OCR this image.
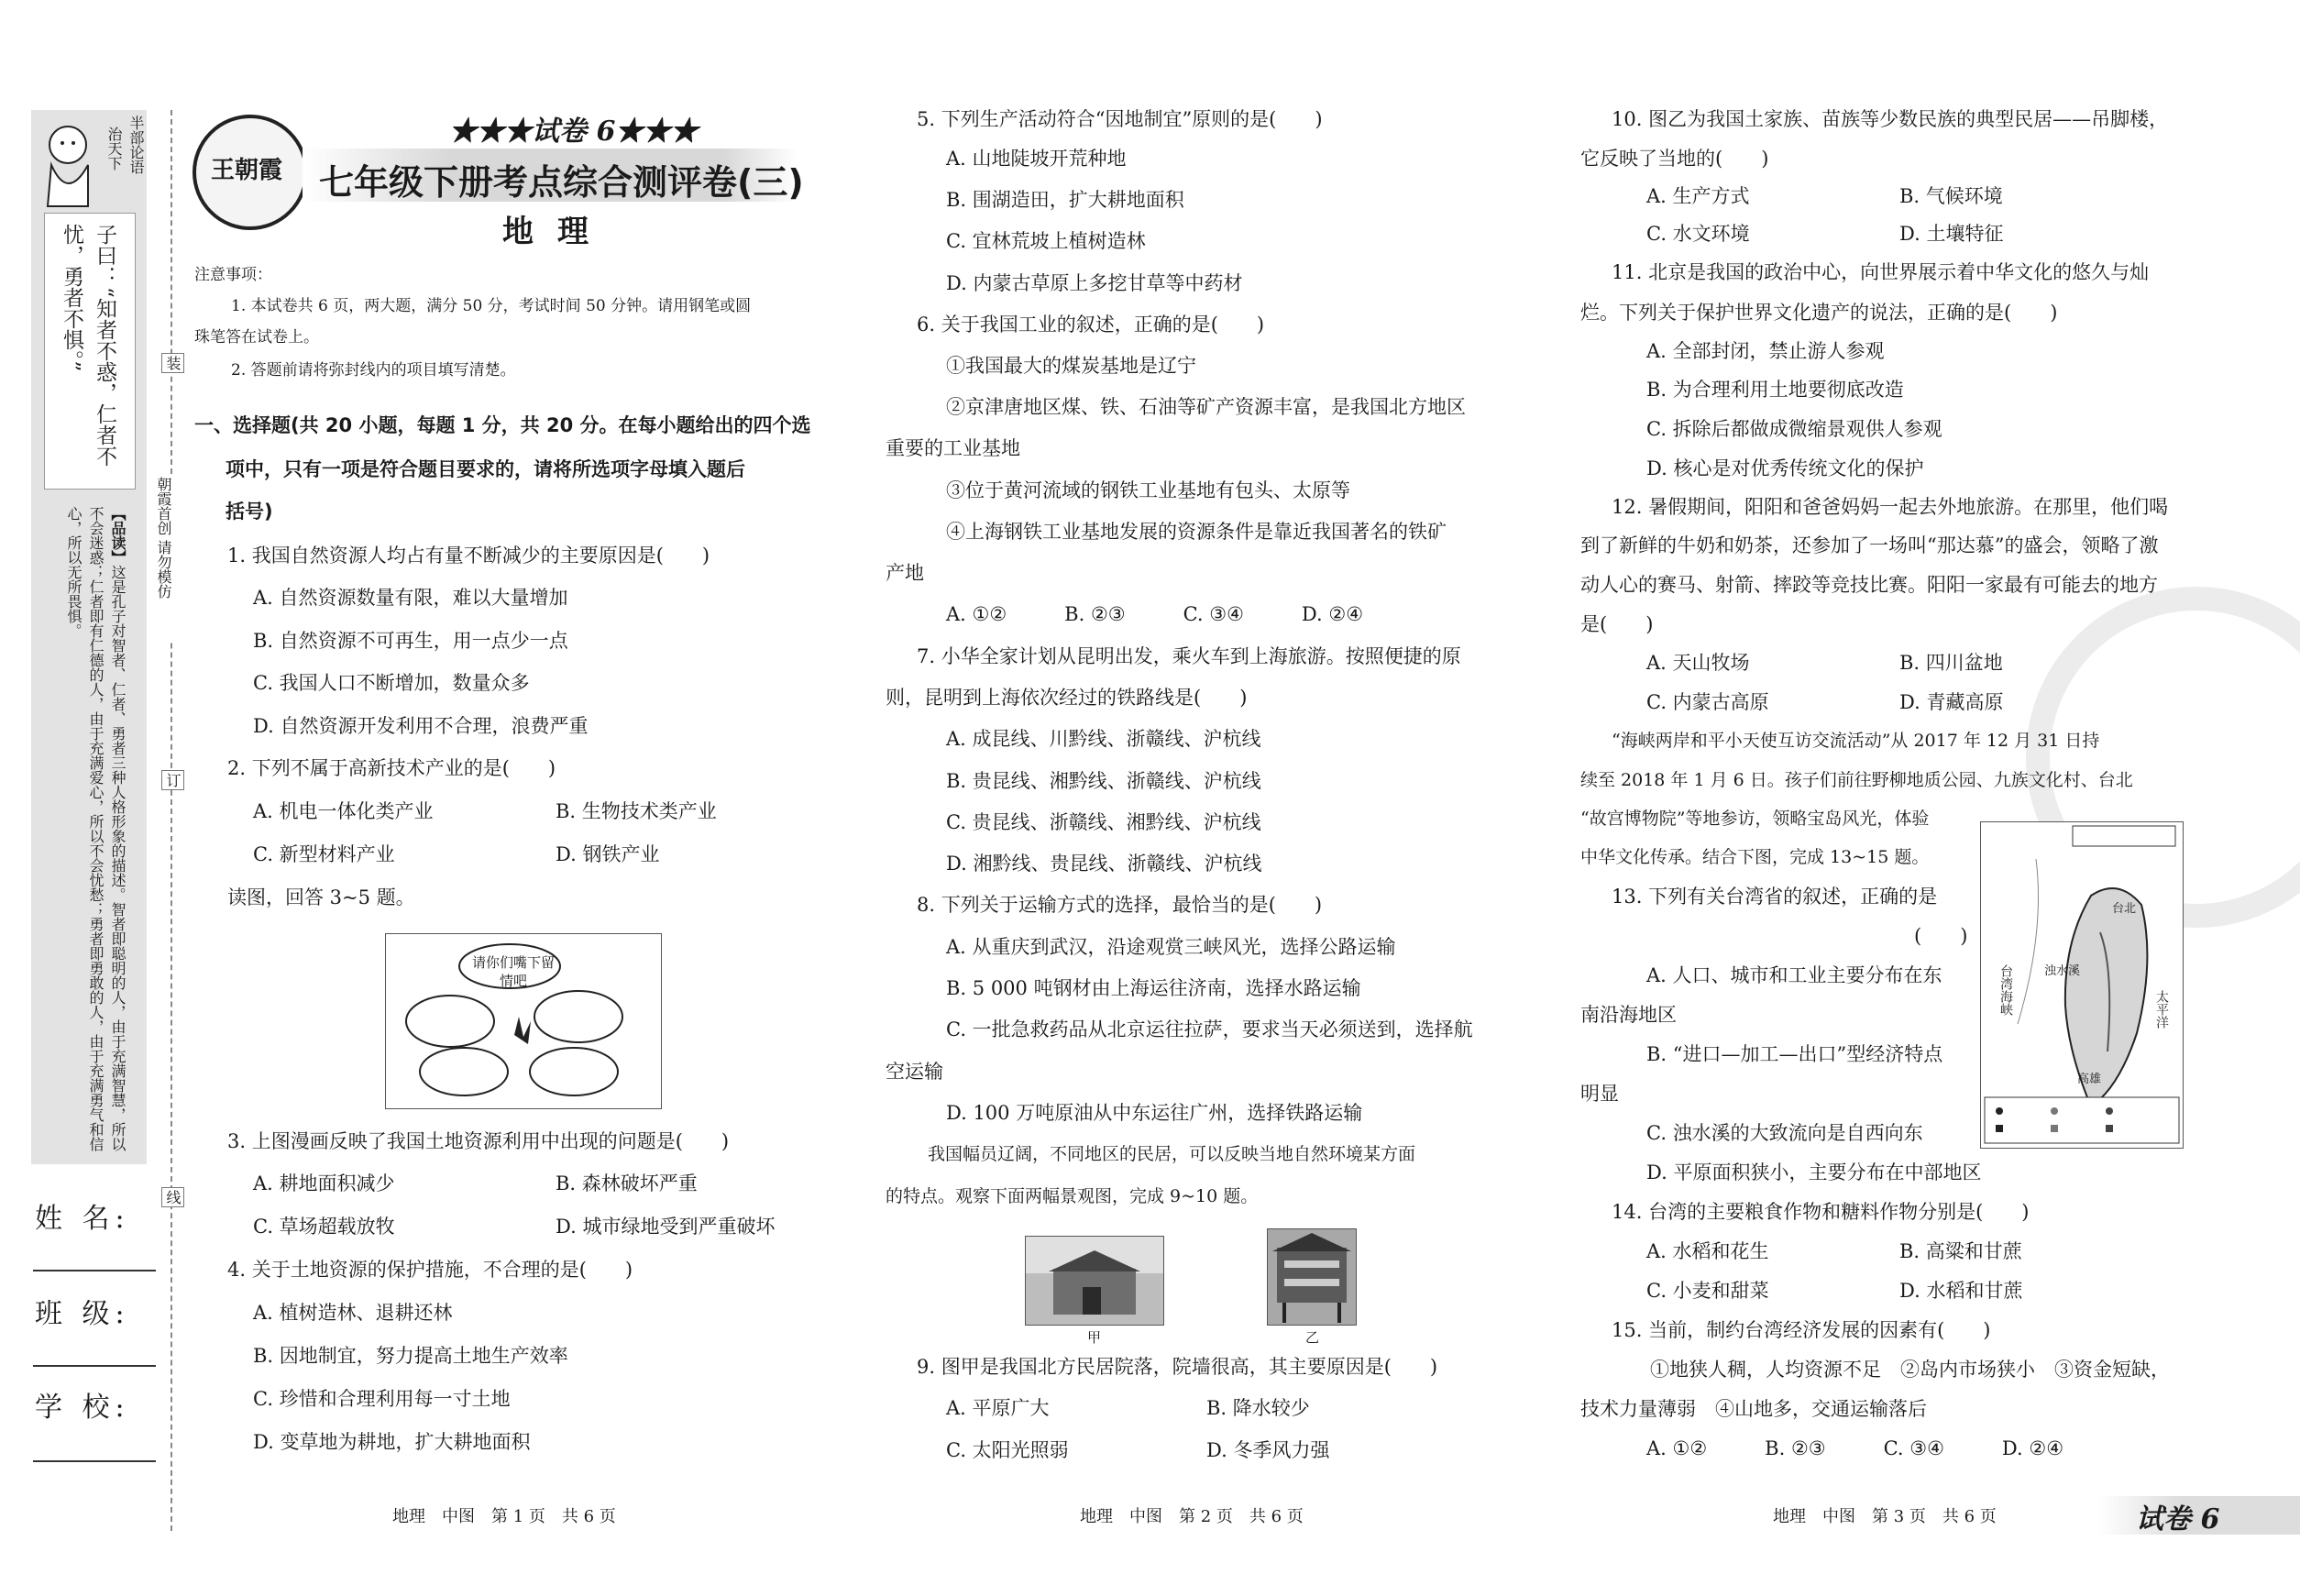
半部论语
治天下
子曰：“知者不惑，仁者不 忧，勇者不惧。”
【品读】这是孔子对智者、仁者、勇者三种人格形象的描述。智者即聪明的人，由于充满智慧，所以不会迷惑；仁者即有仁德的人，由于充满爱心，所以不会忧愁；勇者即勇敢的人，由于充满勇气和信心，所以无所畏惧。	朝霞首创 请勿模仿
装
订
线
姓 名:
班 级:
学 校:
王朝霞
★★★试卷 6★★★
七年级下册考点综合测评卷(三)
地理
注意事项：
1. 本试卷共 6 页，两大题，满分 50 分，考试时间 50 分钟。请用钢笔或圆
珠笔答在试卷上。
2. 答题前请将弥封线内的项目填写清楚。
一、选择题(共 20 小题，每题 1 分，共 20 分。在每小题给出的四个选
项中，只有一项是符合题目要求的，请将所选项字母填入题后
括号)
1. 我国自然资源人均占有量不断减少的主要原因是(　　)
A. 自然资源数量有限，难以大量增加
B. 自然资源不可再生，用一点少一点
C. 我国人口不断增加，数量众多
D. 自然资源开发利用不合理，浪费严重
2. 下列不属于高新技术产业的是(　　)
A. 机电一体化类产业	B. 生物技术类产业
C. 新型材料产业	D. 钢铁产业
读图，回答 3~5 题。
请你们嘴下留情吧
3. 上图漫画反映了我国土地资源利用中出现的问题是(　　)
A. 耕地面积减少	B. 森林破坏严重
C. 草场超载放牧	D. 城市绿地受到严重破坏
4. 关于土地资源的保护措施，不合理的是(　　)
A. 植树造林、退耕还林
B. 因地制宜，努力提高土地生产效率
C. 珍惜和合理利用每一寸土地
D. 变草地为耕地，扩大耕地面积
地理　中图　第 1 页　共 6 页
5. 下列生产活动符合“因地制宜”原则的是(　　)
A. 山地陡坡开荒种地
B. 围湖造田，扩大耕地面积
C. 宜林荒坡上植树造林
D. 内蒙古草原上多挖甘草等中药材
6. 关于我国工业的叙述，正确的是(　　)
①我国最大的煤炭基地是辽宁
②京津唐地区煤、铁、石油等矿产资源丰富，是我国北方地区
重要的工业基地
③位于黄河流域的钢铁工业基地有包头、太原等
④上海钢铁工业基地发展的资源条件是靠近我国著名的铁矿
产地
A. ①②　　　B. ②③　　　C. ③④　　　D. ②④
7. 小华全家计划从昆明出发，乘火车到上海旅游。按照便捷的原
则，昆明到上海依次经过的铁路线是(　　)
A. 成昆线、川黔线、浙赣线、沪杭线
B. 贵昆线、湘黔线、浙赣线、沪杭线
C. 贵昆线、浙赣线、湘黔线、沪杭线
D. 湘黔线、贵昆线、浙赣线、沪杭线
8. 下列关于运输方式的选择，最恰当的是(　　)
A. 从重庆到武汉，沿途观赏三峡风光，选择公路运输
B. 5 000 吨钢材由上海运往济南，选择水路运输
C. 一批急救药品从北京运往拉萨，要求当天必须送到，选择航
空运输
D. 100 万吨原油从中东运往广州，选择铁路运输
我国幅员辽阔，不同地区的民居，可以反映当地自然环境某方面
的特点。观察下面两幅景观图，完成 9~10 题。
甲	乙
9. 图甲是我国北方民居院落，院墙很高，其主要原因是(　　)
A. 平原广大	B. 降水较少
C. 太阳光照弱	D. 冬季风力强
地理　中图　第 2 页　共 6 页
10. 图乙为我国土家族、苗族等少数民族的典型民居——吊脚楼，
它反映了当地的(　　)
A. 生产方式	B. 气候环境
C. 水文环境	D. 土壤特征
11. 北京是我国的政治中心，向世界展示着中华文化的悠久与灿
烂。下列关于保护世界文化遗产的说法，正确的是(　　)
A. 全部封闭，禁止游人参观
B. 为合理利用土地要彻底改造
C. 拆除后都做成微缩景观供人参观
D. 核心是对优秀传统文化的保护
12. 暑假期间，阳阳和爸爸妈妈一起去外地旅游。在那里，他们喝
到了新鲜的牛奶和奶茶，还参加了一场叫“那达慕”的盛会，领略了激
动人心的赛马、射箭、摔跤等竞技比赛。阳阳一家最有可能去的地方
是(　　)
A. 天山牧场	B. 四川盆地
C. 内蒙古高原	D. 青藏高原
“海峡两岸和平小天使互访交流活动”从 2017 年 12 月 31 日持
续至 2018 年 1 月 6 日。孩子们前往野柳地质公园、九族文化村、台北
“故宫博物院”等地参访，领略宝岛风光，体验
中华文化传承。结合下图，完成 13~15 题。
台湾海峡	太平洋
浊水溪
台北
高雄
13. 下列有关台湾省的叙述，正确的是
(　　)
A. 人口、城市和工业主要分布在东
南沿海地区
B. “进口—加工—出口”型经济特点
明显
C. 浊水溪的大致流向是自西向东
D. 平原面积狭小，主要分布在中部地区
14. 台湾的主要粮食作物和糖料作物分别是(　　)
A. 水稻和花生	B. 高粱和甘蔗
C. 小麦和甜菜	D. 水稻和甘蔗
15. 当前，制约台湾经济发展的因素有(　　)
①地狭人稠，人均资源不足　②岛内市场狭小　③资金短缺，
技术力量薄弱　④山地多，交通运输落后
A. ①②　　　B. ②③　　　C. ③④　　　D. ②④
地理　中图　第 3 页　共 6 页	试卷 6
